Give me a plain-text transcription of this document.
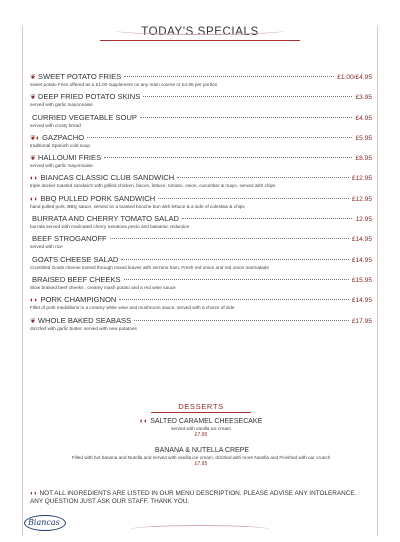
TODAY'S SPECIALS
❦ SWEET POTATO FRIES	£1.00/£4.95
sweet potato Fries offered as a £1.00 supplement on any main course or £4.95 per portion
❦ DEEP FRIED POTATO SKINS	£3.95
served with garlic mayonnaise
CURRIED VEGETABLE SOUP	£4.95
served with crusty bread
❦◐ GAZPACHO	£5.95
traditional Spanish cold soup
❦ HALLOUMI FRIES	£8.95
served with garlic mayonnaise
◐◐ BIANCAS CLASSIC CLUB SANDWICH	£12.95
triple decker toasted sandwich with grilled chicken, bacon, lettuce, tomato, onion, cucumber & mayo. served with chips
◐◐ BBQ PULLED PORK SANDWICH	£12.95
hand pulled pork, BBQ sauce, served on a toasted brioche bun with lettuce & a side of coleslaw & chips
BURRATA AND CHERRY TOMATO SALAD	12.95
burrata served with marinated cherry tomatoes pesto and balsamic reduction
BEEF STROGANOFF	£14.95
served with rice
GOATS CHEESE SALAD	£14.95
Crumbled Goats cheese tossed through mixed leaves with serrano ham. Fresh red onion and red onion marmalade
BRAISED BEEF CHEEKS	£15.95
Slow braised beef cheeks , creamy mash potato and a red wine sauce
◐◐ PORK CHAMPIGNON	£14.95
Fillet of pork medallions in a creamy white wine and mushroom sauce. served with a choice of side
❦ WHOLE BAKED SEABASS	£17.95
drizzled with garlic butter. served with new potatoes
DESSERTS
◐◐ SALTED CARAMEL CHEESECAKE
served with vanilla ice cream
£7.95
BANANA & NUTELLA CREPE
Filled with hot banana and Nutella and served with vanilla ice cream, drizzled with more Nutella and Finished with our crunch
£7.95
◐◐ NOT ALL INGREDIENTS ARE LISTED IN OUR MENU DESCRIPTION. PLEASE ADVISE ANY INTOLERANCE. ANY QUESTION JUST ASK OUR STAFF. THANK YOU.
Biancas
